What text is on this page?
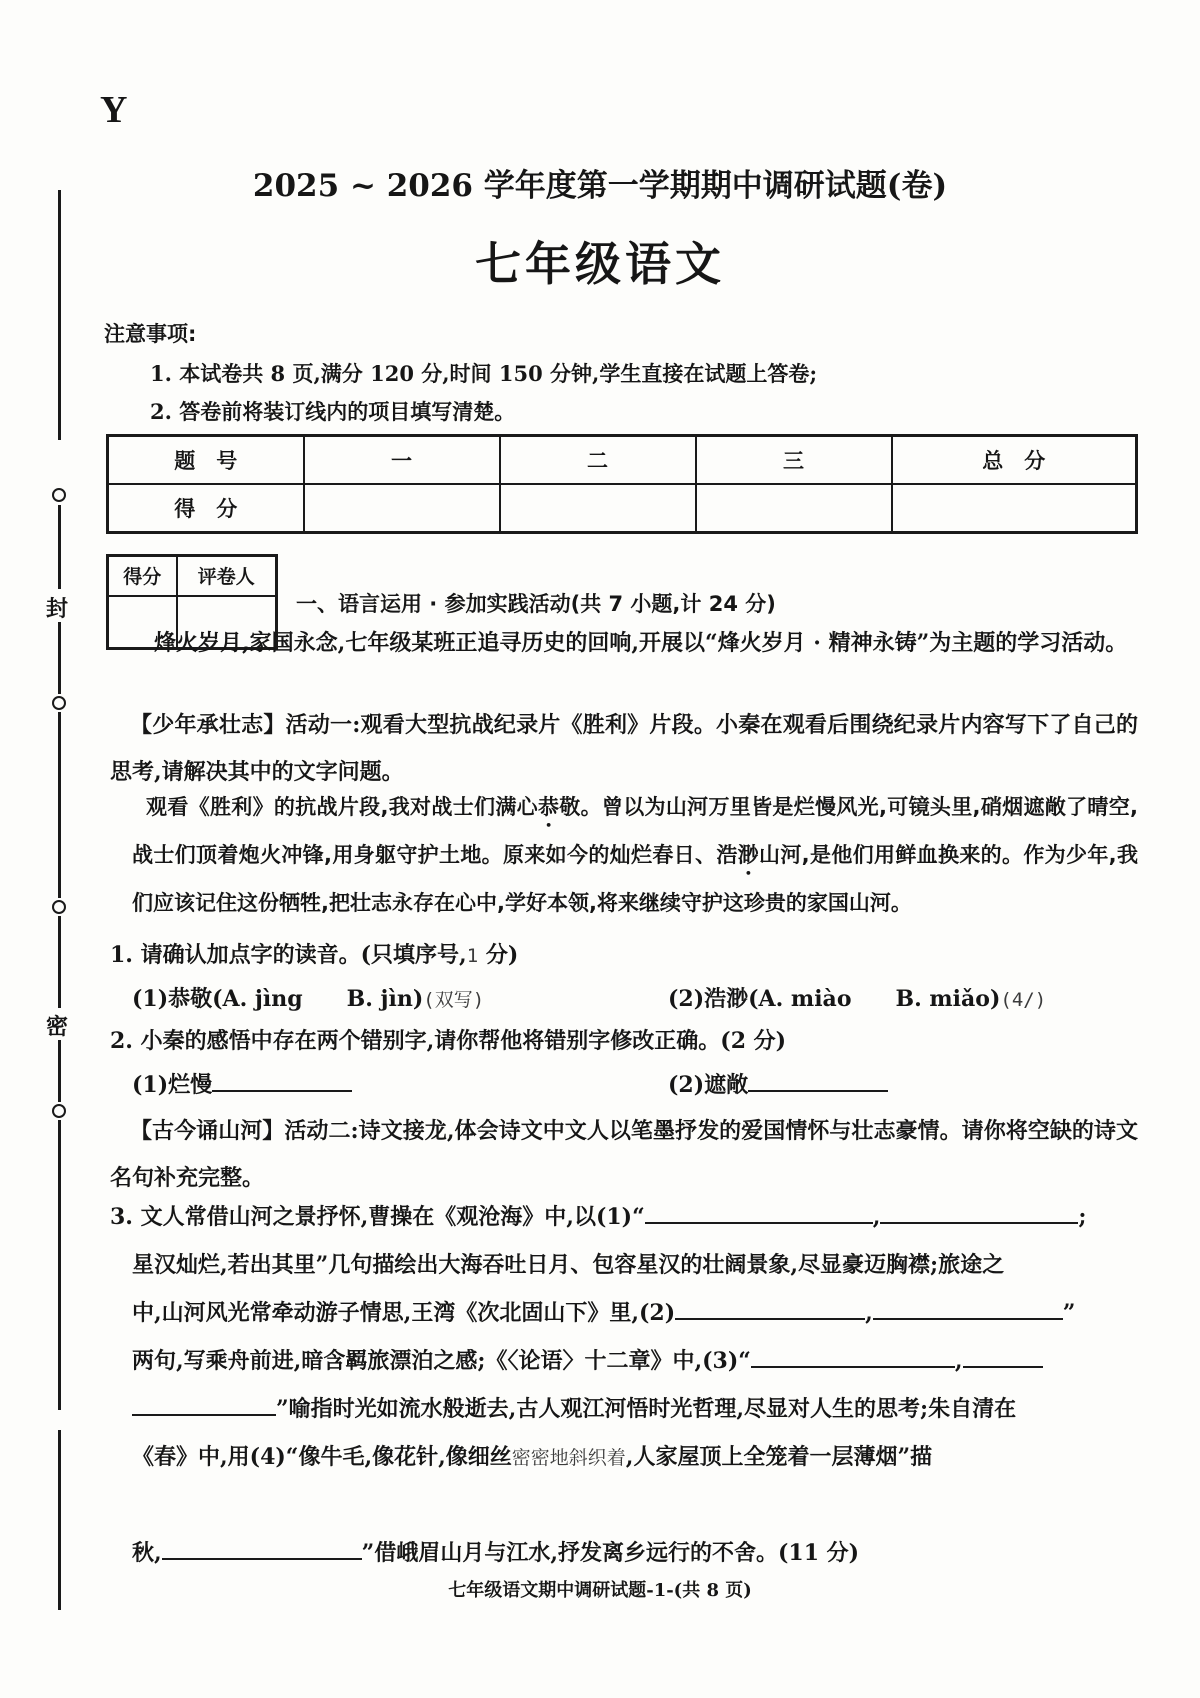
封
密
Y
2025 ~ 2026 学年度第一学期期中调研试题(卷)
七年级语文
注意事项:
1. 本试卷共 8 页,满分 120 分,时间 150 分钟,学生直接在试题上答卷;
2. 答卷前将装订线内的项目填写清楚。
题　号	一	二	三	总　分
得　分				
得分	评卷人

一、语言运用 · 参加实践活动(共 7 小题,计 24 分)
烽火岁月,家国永念,七年级某班正追寻历史的回响,开展以“烽火岁月 · 精神永铸”为主题的学习活动。
【少年承壮志】活动一:观看大型抗战纪录片《胜利》片段。小秦在观看后围绕纪录片内容写下了自己的思考,请解决其中的文字问题。
观看《胜利》的抗战片段,我对战士们满心恭敬。曾以为山河万里皆是烂慢风光,可镜头里,硝烟遮敞了晴空,战士们顶着炮火冲锋,用身躯守护土地。原来如今的灿烂春日、浩渺山河,是他们用鲜血换来的。作为少年,我们应该记住这份牺牲,把壮志永存在心中,学好本领,将来继续守护这珍贵的家国山河。
1. 请确认加点字的读音。(只填序号,1 分)
(1)恭敬(A. jìng　　B. jìn)(双写)	(2)浩渺(A. miào　　B. miǎo)(4/)
2. 小秦的感悟中存在两个错别字,请你帮他将错别字修改正确。(2 分)
(1)烂慢	(2)遮敞
【古今诵山河】活动二:诗文接龙,体会诗文中文人以笔墨抒发的爱国情怀与壮志豪情。请你将空缺的诗文名句补充完整。
3. 文人常借山河之景抒怀,曹操在《观沧海》中,以(1)“	,	;
星汉灿烂,若出其里”几句描绘出大海吞吐日月、包容星汉的壮阔景象,尽显豪迈胸襟;旅途之
中,山河风光常牵动游子情思,王湾《次北固山下》里,(2)	,	”
两句,写乘舟前进,暗含羁旅漂泊之感;《〈论语〉十二章》中,(3)“	,
”喻指时光如流水般逝去,古人观江河悟时光哲理,尽显对人生的思考;朱自清在
《春》中,用(4)“像牛毛,像花针,像细丝密密地斜织着,人家屋顶上全笼着一层薄烟”描
七年级语文期中调研试题-1-(共 8 页)
秋,	”借峨眉山月与江水,抒发离乡远行的不舍。(11 分)
